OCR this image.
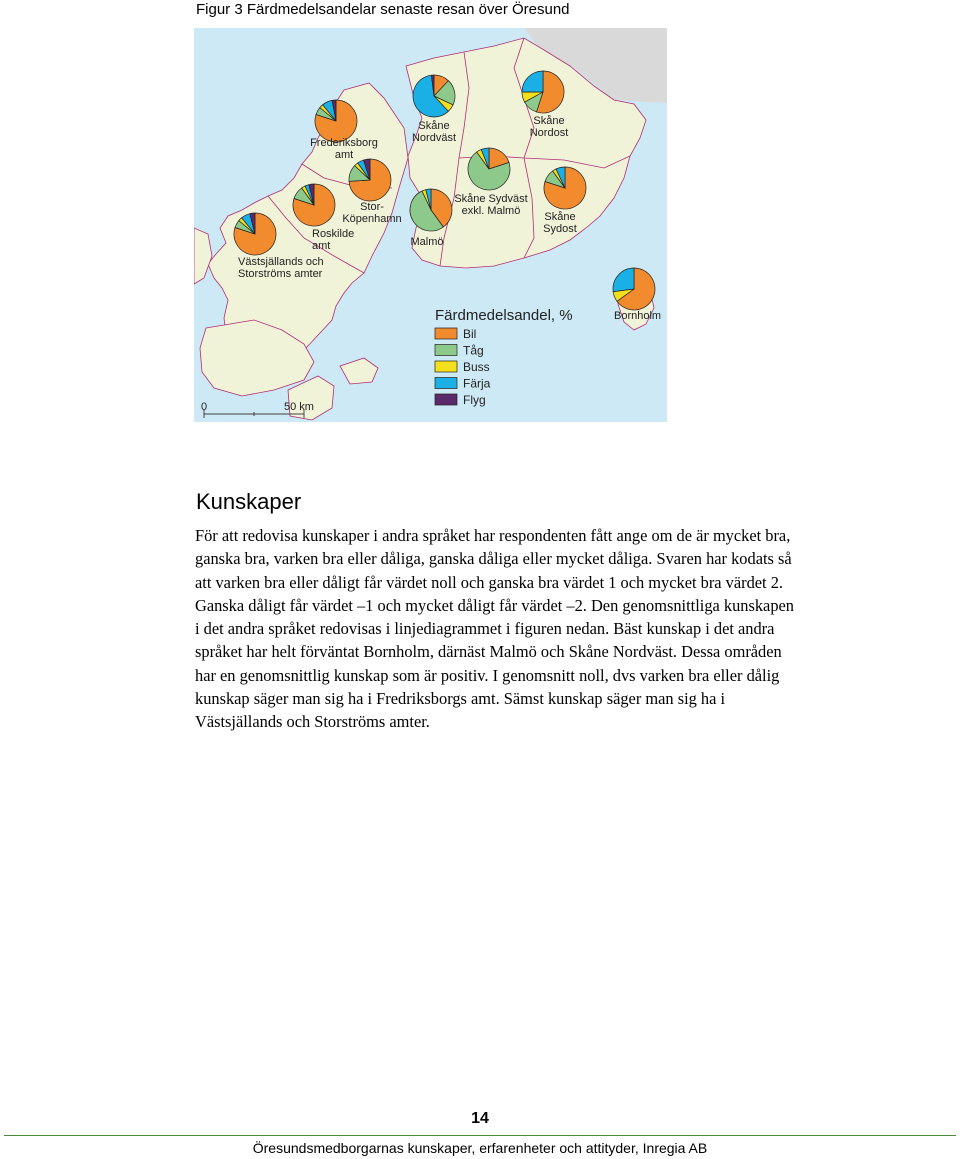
Figur 3 Färdmedelsandelar senaste resan över Öresund
Frederiksborg amt
Skåne Nordväst
Skåne Nordost
Stor-Köpenhamn
Skåne Sydväst exkl. Malmö
Roskilde amt	Malmö
Skåne Sydost
Västsjällands och Storströms amter
Bornholm
Färdmedelsandel, %
Bil
Tåg
Buss
Färja
Flyg
0	50 km
Kunskaper

För att redovisa kunskaper i andra språket har respondenten fått ange om de är mycket bra, ganska bra, varken bra eller dåliga, ganska dåliga eller mycket dåliga. Svaren har kodats så att varken bra eller dåligt får värdet noll och ganska bra värdet 1 och mycket bra värdet 2. Ganska dåligt får värdet –1 och mycket dåligt får värdet –2. Den genomsnittliga kunskapen i det andra språket redovisas i linjediagrammet i figuren nedan. Bäst kunskap i det andra språket har helt förväntat Bornholm, därnäst Malmö och Skåne Nordväst. Dessa områden har en genomsnittlig kunskap som är positiv. I genomsnitt noll, dvs varken bra eller dålig kunskap säger man sig ha i Fredriksborgs amt. Sämst kunskap säger man sig ha i Västsjällands och Storströms amter.

14
Öresundsmedborgarnas kunskaper, erfarenheter och attityder, Inregia AB
